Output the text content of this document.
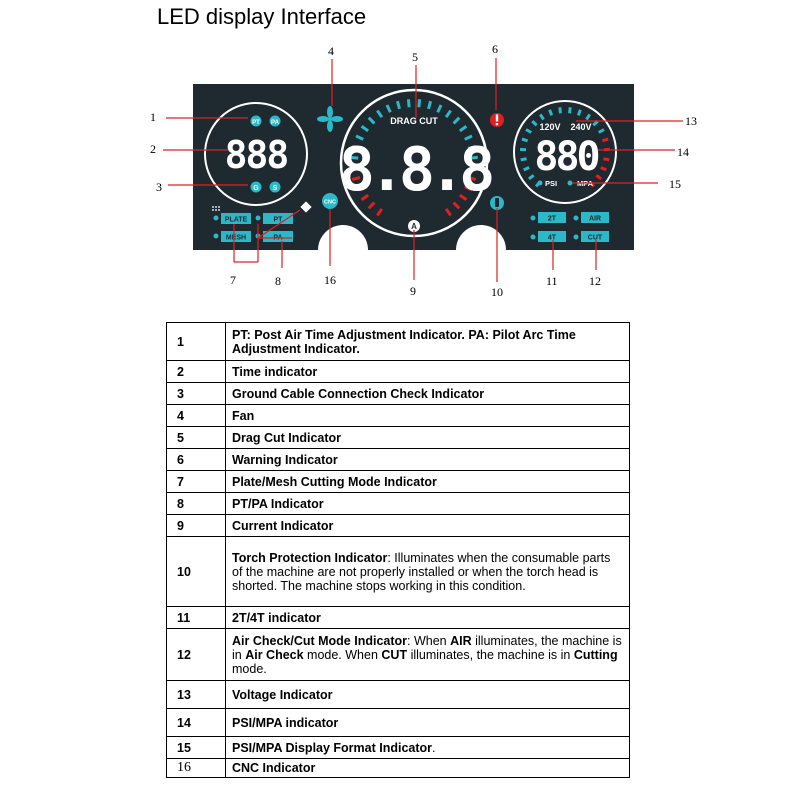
LED display Interface
PT PA
888
G S
DRAG CUT
8.8.8
A
CNC
PLATE
MESH
PT
PA
120V 240V
880
PSI	MPA
2T
4T
AIR
CUT
1
2
3
4	5
6
7	8
9	10
11	12
13
14
15
16
1	PT: Post Air Time Adjustment Indicator. PA: Pilot Arc Time Adjustment Indicator.
2	Time indicator
3	Ground Cable Connection Check Indicator
4	Fan
5	Drag Cut Indicator
6	Warning Indicator
7	Plate/Mesh Cutting Mode Indicator
8	PT/PA Indicator
9	Current Indicator
10	Torch Protection Indicator: Illuminates when the consumable parts of the machine are not properly installed or when the torch head is shorted. The machine stops working in this condition.
11	2T/4T indicator
12	Air Check/Cut Mode Indicator: When AIR illuminates, the machine is in Air Check mode. When CUT illuminates, the machine is in Cutting mode.
13	Voltage Indicator
14	PSI/MPA indicator
15	PSI/MPA Display Format Indicator.
16	CNC Indicator
